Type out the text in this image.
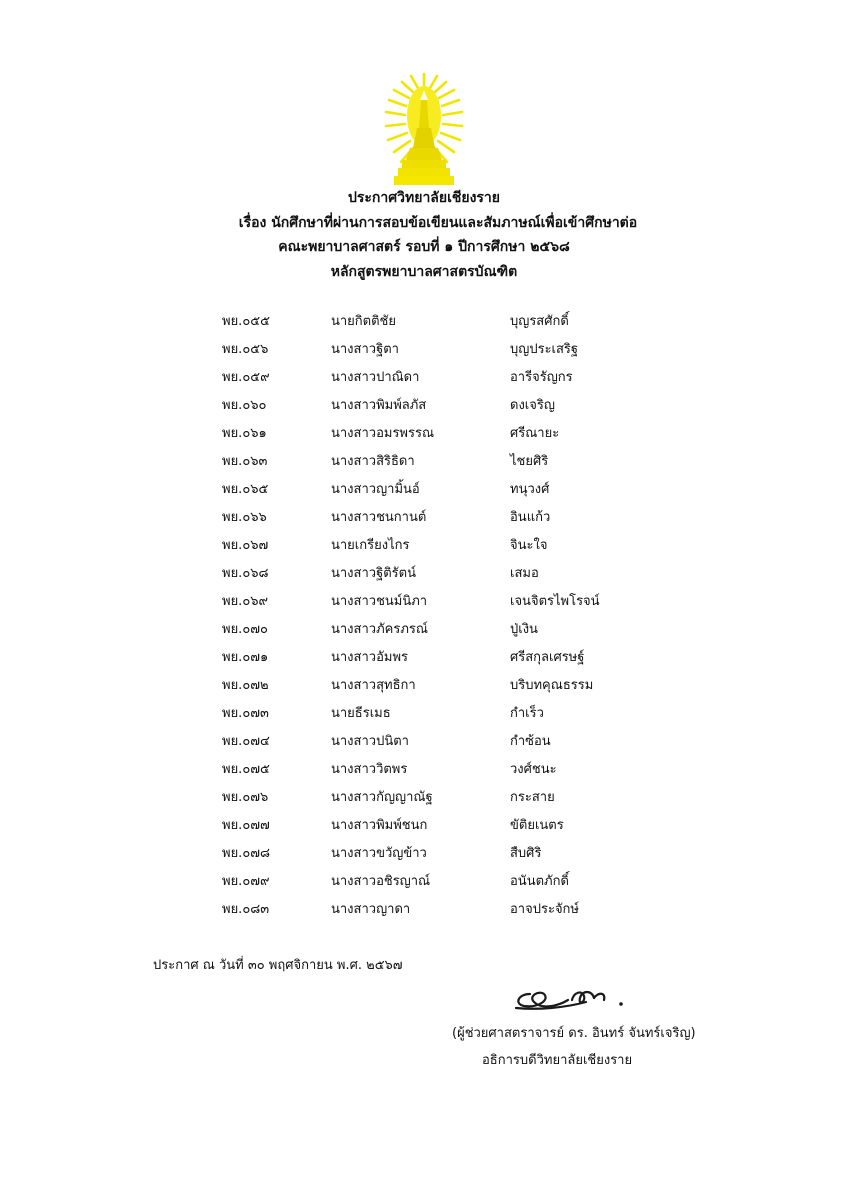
ประกาศวิทยาลัยเชียงราย
เรื่อง นักศึกษาที่ผ่านการสอบข้อเขียนและสัมภาษณ์เพื่อเข้าศึกษาต่อ
คณะพยาบาลศาสตร์ รอบที่ ๑ ปีการศึกษา ๒๕๖๘
หลักสูตรพยาบาลศาสตรบัณฑิต
พย.๐๕๕	นายกิตติชัย	บุญรสศักดิ์
พย.๐๕๖	นางสาวฐิตา	บุญประเสริฐ
พย.๐๕๙	นางสาวปาณิดา	อารีจรัญกร
พย.๐๖๐	นางสาวพิมพ์ลภัส	ดงเจริญ
พย.๐๖๑	นางสาวอมรพรรณ	ศรีณายะ
พย.๐๖๓	นางสาวสิริธิดา	ไชยศิริ
พย.๐๖๕	นางสาวญามิ้นอ์	ทนุวงศ์
พย.๐๖๖	นางสาวชนกานต์	อินแก้ว
พย.๐๖๗	นายเกรียงไกร	จินะใจ
พย.๐๖๘	นางสาวฐิติรัตน์	เสมอ
พย.๐๖๙	นางสาวชนม์นิภา	เจนจิตรไพโรจน์
พย.๐๗๐	นางสาวภัครภรณ์	ปู่เงิน
พย.๐๗๑	นางสาวอัมพร	ศรีสกุลเศรษฐ์
พย.๐๗๒	นางสาวสุทธิกา	บริบทคุณธรรม
พย.๐๗๓	นายธีรเมธ	กำเร็ว
พย.๐๗๔	นางสาวปนิตา	กำซ้อน
พย.๐๗๕	นางสาววิตพร	วงศ์ชนะ
พย.๐๗๖	นางสาวกัญญาณัฐ	กระสาย
พย.๐๗๗	นางสาวพิมพ์ชนก	ขัติยเนตร
พย.๐๗๘	นางสาวขวัญข้าว	สืบศิริ
พย.๐๗๙	นางสาวอชิรญาณ์	อนันตภักดิ์
พย.๐๘๓	นางสาวญาดา	อาจประจักษ์
ประกาศ ณ วันที่ ๓๐ พฤศจิกายน พ.ศ. ๒๕๖๗
(ผู้ช่วยศาสตราจารย์ ดร. อินทร์ จันทร์เจริญ)
อธิการบดีวิทยาลัยเชียงราย
